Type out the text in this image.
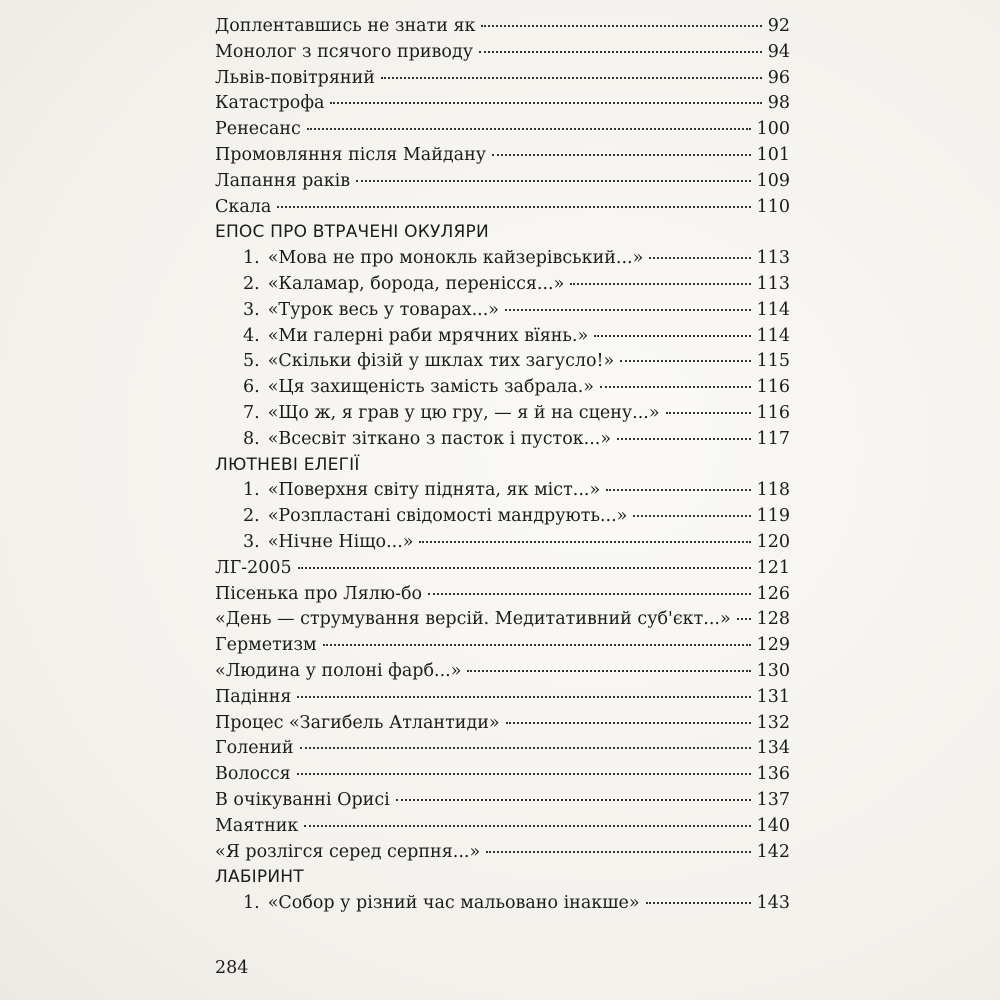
Доплентавшись не знати як	92
Монолог з псячого приводу	94
Львів-повітряний	96
Катастрофа	98
Ренесанс	100
Промовляння після Майдану	101
Лапання раків	109
Скала	110
ЕПОС ПРО ВТРАЧЕНІ ОКУЛЯРИ
1. «Мова не про монокль кайзерівський...»	113
2. «Каламар, борода, перенісся...»	113
3. «Турок весь у товарах...»	114
4. «Ми галерні раби мрячних вїянь.»	114
5. «Скільки фізій у шклах тих загусло!»	115
6. «Ця захищеність замість забрала.»	116
7. «Що ж, я грав у цю гру, — я й на сцену...»	116
8. «Всесвіт зіткано з пасток і пусток...»	117
ЛЮТНЕВІ ЕЛЕГІЇ
1. «Поверхня світу піднята, як міст...»	118
2. «Розпластані свідомості мандрують...»	119
3. «Нічне Ніщо...»	120
ЛГ-2005	121
Пісенька про Лялю-бо	126
«День — струмування версій. Медитативний суб'єкт...» 128
Герметизм	129
«Людина у полоні фарб...»	130
Падіння	131
Процес «Загибель Атлантиди»	132
Голений	134
Волосся	136
В очікуванні Орисі	137
Маятник	140
«Я розлігся серед серпня...»	142
ЛАБІРИНТ
1. «Собор у різний час мальовано інакше»	143
284
